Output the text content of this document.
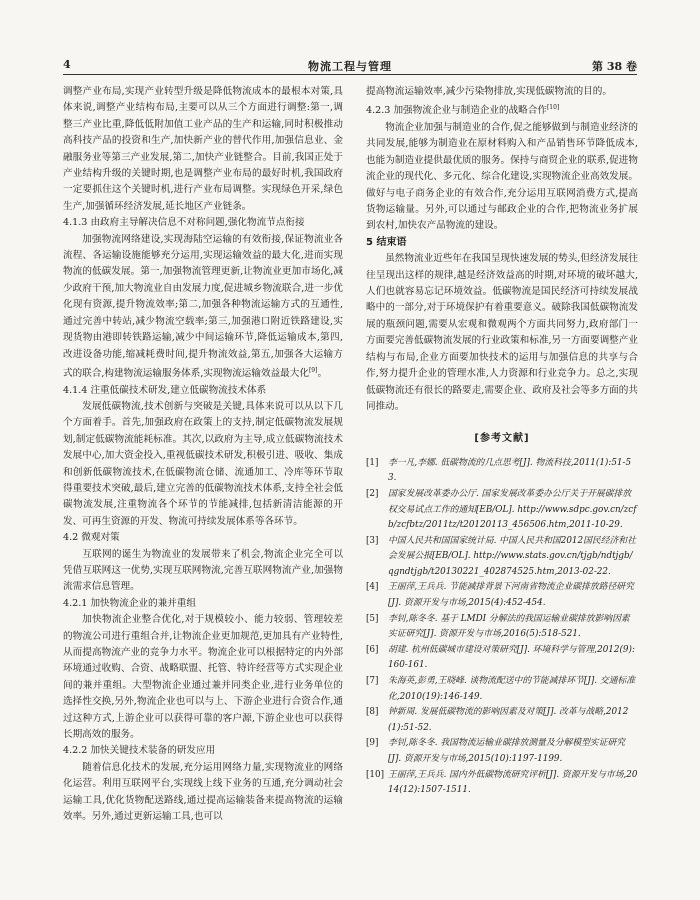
4	物流工程与管理	第 38 卷

调整产业布局,实现产业转型升级是降低物流成本的最根本对策,具体来说,调整产业结构布局,主要可以从三个方面进行调整:第一,调整三产业比重,降低低附加值工业产品的生产和运输,同时积极推动高科技产品的投资和生产,加快新产业的替代作用,加强信息业、金融服务业等第三产业发展,第二,加快产业链整合。目前,我国正处于产业结构升级的关键时期,也是调整产业布局的最好时机,我国政府一定要抓住这个关键时机,进行产业布局调整。实现绿色开采,绿色生产,加强循环经济发展,延长地区产业链条。

4.1.3 由政府主导解决信息不对称问题,强化物流节点衔接

加强物流网络建设,实现海陆空运输的有效衔接,保证物流业各流程、各运输设施能够充分运用,实现运输效益的最大化,进而实现物流的低碳发展。第一,加强物流管理更新,让物流业更加市场化,减少政府干预,加大物流业自由发展力度,促进城乡物流联合,进一步优化现有资源,提升物流效率;第二,加强各种物流运输方式的互通性,通过完善中转站,减少物流空载率;第三,加强港口附近铁路建设,实现货物由港即转铁路运输,减少中间运输环节,降低运输成本,第四,改进设备功能,缩减耗费时间,提升物流效益,第五,加强各大运输方式的联合,构建物流运输服务体系,实现物流运输效益最大化[9]。

4.1.4 注重低碳技术研发,建立低碳物流技术体系

发展低碳物流,技术创新与突破是关键,具体来说可以从以下几个方面着手。首先,加强政府在政策上的支持,制定低碳物流发展规划,制定低碳物流能耗标准。其次,以政府为主导,成立低碳物流技术发展中心,加大资金投入,重视低碳技术研发,积极引进、吸收、集成和创新低碳物流技术,在低碳物流仓储、流通加工、冷库等环节取得重要技术突破,最后,建立完善的低碳物流技术体系,支持全社会低碳物流发展,注重物流各个环节的节能减排,包括新清洁能源的开发、可再生资源的开发、物流可持续发展体系等各环节。

4.2 微观对策

互联网的诞生为物流业的发展带来了机会,物流企业完全可以凭借互联网这一优势,实现互联网物流,完善互联网物流产业,加强物流需求信息管理。

4.2.1 加快物流企业的兼并重组

加快物流企业整合优化,对于规模较小、能力较弱、管理较差的物流公司进行重组合并,让物流企业更加规范,更加具有产业特性,从而提高物流产业的竞争力水平。物流企业可以根据特定的内外部环境通过收购、合资、战略联盟、托管、特许经营等方式实现企业间的兼并重组。大型物流企业通过兼并同类企业,进行业务单位的选择性交换,另外,物流企业也可以与上、下游企业进行合资合作,通过这种方式,上游企业可以获得可靠的客户源,下游企业也可以获得长期高效的服务。

4.2.2 加快关键技术装备的研发应用

随着信息化技术的发展,充分运用网络力量,实现物流业的网络化运营。利用互联网平台,实现线上线下业务的互通,充分调动社会运输工具,优化货物配送路线,通过提高运输装备来提高物流的运输效率。另外,通过更新运输工具,也可以

提高物流运输效率,减少污染物排放,实现低碳物流的目的。

4.2.3 加强物流企业与制造企业的战略合作[10]

物流企业加强与制造业的合作,促之能够做到与制造业经济的共同发展,能够为制造业在原材料购入和产品销售环节降低成本,也能为制造业提供最优质的服务。保持与商贸企业的联系,促进物流企业的现代化、多元化、综合化建设,实现物流企业高效发展。做好与电子商务企业的有效合作,充分运用互联网消费方式,提高货物运输量。另外,可以通过与邮政企业的合作,把物流业务扩展到农村,加快农产品物流的建设。

5 结束语

虽然物流业近些年在我国呈现快速发展的势头,但经济发展往往呈现出这样的规律,越是经济效益高的时期,对环境的破坏越大,人们也就容易忘记环境效益。低碳物流是国民经济可持续发展战略中的一部分,对于环境保护有着重要意义。破除我国低碳物流发展的瓶颈问题,需要从宏观和微观两个方面共同努力,政府部门一方面要完善低碳物流发展的行业政策和标准,另一方面要调整产业结构与布局,企业方面要加快技术的运用与加强信息的共享与合作,努力提升企业的管理水准,人力资源和行业竞争力。总之,实现低碳物流还有很长的路要走,需要企业、政府及社会等多方面的共同推动。

[参考文献]
[1]	李一凡,李娜. 低碳物流的几点思考[J]. 物流科技,2011(1):51-53.
[2]	国家发展改革委办公厅. 国家发展改革委办公厅关于开展碳排放权交易试点工作的通知[EB/OL]. http://www.sdpc.gov.cn/zcfb/zcfbtz/2011tz/t20120113_456506.htm,2011-10-29.
[3]	中国人民共和国国家统计局. 中国人民共和国2012国民经济和社会发展公报[EB/OL]. http://www.stats.gov.cn/tjgb/ndtjgb/qgndtjgb/t20130221_402874525.htm,2013-02-22.
[4]	王丽萍,王兵兵. 节能减排背景下河南省物流企业碳排放路径研究[J]. 资源开发与市场,2015(4):452-454.
[5]	李钊,陈冬冬. 基于 LMDI 分解法的我国运输业碳排放影响因素实证研究[J]. 资源开发与市场,2016(5):518-521.
[6]	胡建. 杭州低碳城市建设对策研究[J]. 环境科学与管理,2012(9):160-161.
[7]	朱海英,彭勇,王晓峰. 谈物流配送中的节能减排环节[J]. 交通标准化,2010(19):146-149.
[8]	钟新周. 发展低碳物流的影响因素及对策[J]. 改革与战略,2012(1):51-52.
[9]	李钊,陈冬冬. 我国物流运输业碳排放测量及分解模型实证研究[J]. 资源开发与市场,2015(10):1197-1199.
[10] 王丽萍,王兵兵. 国内外低碳物流研究评析[J]. 资源开发与市场,2014(12):1507-1511.
